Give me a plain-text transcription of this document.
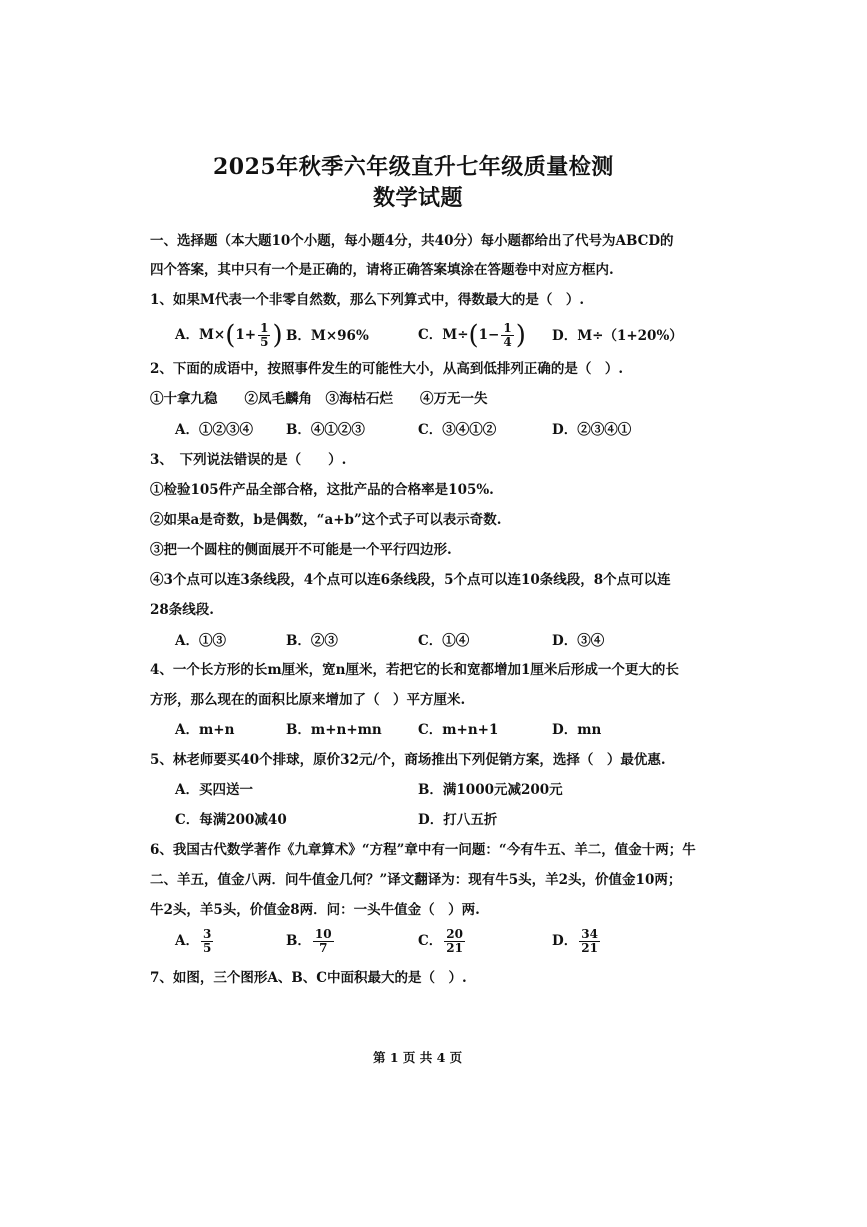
2025年秋季六年级直升七年级质量检测
数学试题
一、选择题（本大题10个小题，每小题4分，共40分）每小题都给出了代号为ABCD的
四个答案，其中只有一个是正确的，请将正确答案填涂在答题卷中对应方框内.
1、如果M代表一个非零自然数，那么下列算式中，得数最大的是（　）.
A．$M\times(1+ \frac{1}{5}$ ) B．M×96%	C．$M\div(1- \frac{1}{4}$ ) D．M÷（1+20%）
2、下面的成语中，按照事件发生的可能性大小，从高到低排列正确的是（　）.
①十拿九稳　　②凤毛麟角　③海枯石烂　　④万无一失
A．①②③④ B．④①②③	C．③④①②	D．②③④①
3、　下列说法错误的是（　　）.
①检验105件产品全部合格，这批产品的合格率是105%.
②如果a是奇数，b是偶数，“a+b”这个式子可以表示奇数.
③把一个圆柱的侧面展开不可能是一个平行四边形.
④3个点可以连3条线段，4个点可以连6条线段，5个点可以连10条线段，8个点可以连
28条线段.
A．①③	B．②③	C．①④	D．③④
4、一个长方形的长m厘米，宽n厘米，若把它的长和宽都增加1厘米后形成一个更大的长
方形，那么现在的面积比原来增加了（　）平方厘米.
A．m+n	B．m+n+mn	C．m+n+1	D．mn
5、林老师要买40个排球，原价32元/个，商场推出下列促销方案，选择（　）最优惠.
A．买四送一	B．满1000元减200元
C．每满200减40	D．打八五折
6、我国古代数学著作《九章算术》“方程”章中有一问题：“今有牛五、羊二，值金十两；牛
二、羊五，值金八两．问牛值金几何？”译文翻译为：现有牛5头，羊2头，价值金10两；
牛2头，羊5头，价值金8两．问：一头牛值金（　）两.
A． $\frac{3}{5}$	B． $\frac{10}{7}$	C． $\frac{20}{21}$	D． $\frac{34}{21}$
7、如图，三个图形A、B、C中面积最大的是（　）.
第 1 页 共 4 页
